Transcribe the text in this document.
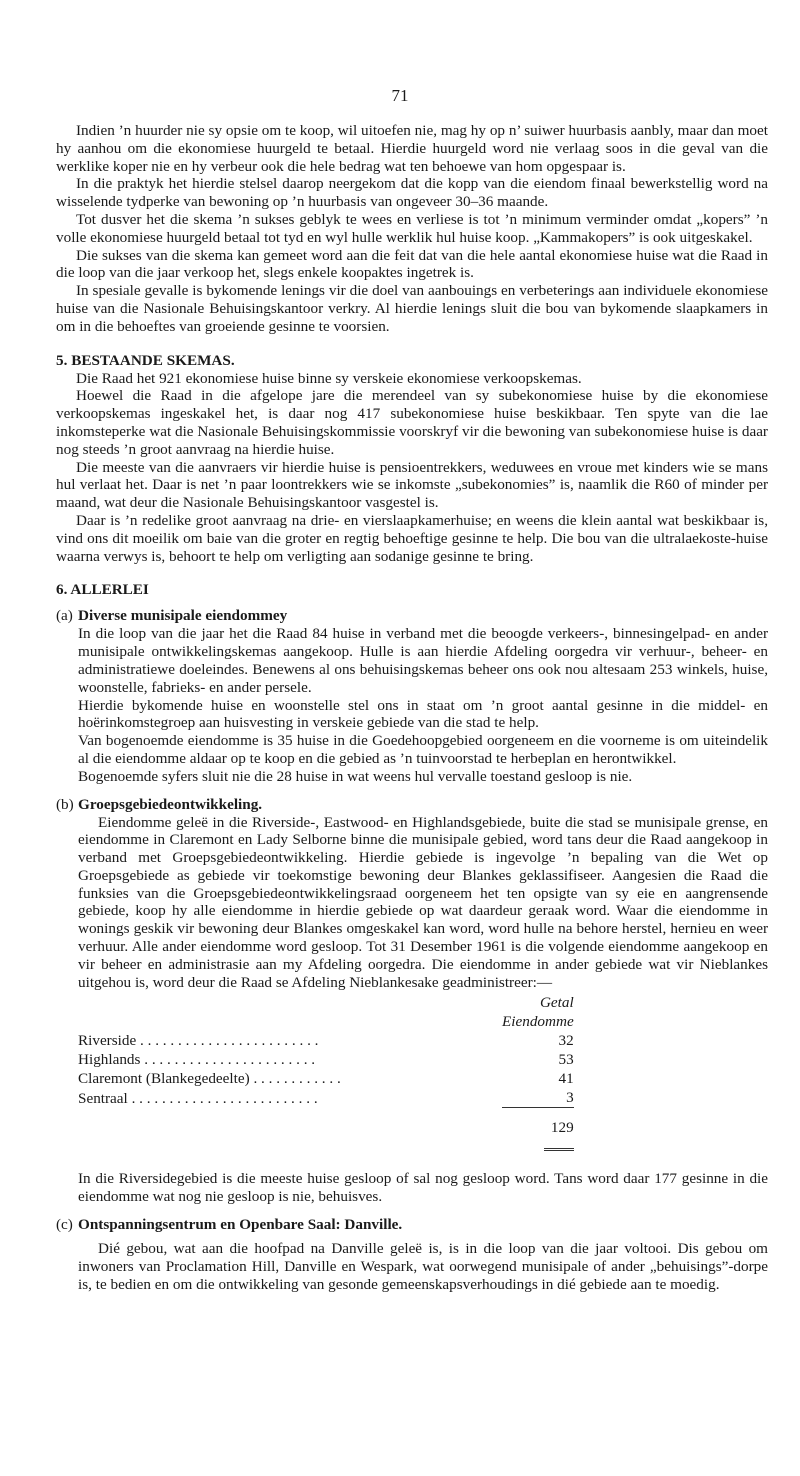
71

Indien ’n huurder nie sy opsie om te koop, wil uitoefen nie, mag hy op n’ suiwer huurbasis aanbly, maar dan moet hy aanhou om die ekonomiese huurgeld te betaal. Hierdie huurgeld word nie verlaag soos in die geval van die werklike koper nie en hy verbeur ook die hele bedrag wat ten behoewe van hom opgespaar is.

In die praktyk het hierdie stelsel daarop neergekom dat die kopp van die eiendom finaal bewerkstellig word na wisselende tydperke van bewoning op ’n huurbasis van ongeveer 30–36 maande.

Tot dusver het die skema ’n sukses geblyk te wees en verliese is tot ’n minimum verminder omdat „kopers” ’n volle ekonomiese huurgeld betaal tot tyd en wyl hulle werklik hul huise koop. „Kammakopers” is ook uitgeskakel.

Die sukses van die skema kan gemeet word aan die feit dat van die hele aantal ekonomiese huise wat die Raad in die loop van die jaar verkoop het, slegs enkele koopaktes ingetrek is.

In spesiale gevalle is bykomende lenings vir die doel van aanbouings en verbeterings aan individuele ekonomiese huise van die Nasionale Behuisingskantoor verkry. Al hierdie lenings sluit die bou van bykomende slaapkamers in om in die behoeftes van groeiende gesinne te voorsien.

5. BESTAANDE SKEMAS.

Die Raad het 921 ekonomiese huise binne sy verskeie ekonomiese verkoopskemas.

Hoewel die Raad in die afgelope jare die merendeel van sy subekonomiese huise by die ekonomiese verkoopskemas ingeskakel het, is daar nog 417 subekonomiese huise beskikbaar. Ten spyte van die lae inkomsteperke wat die Nasionale Behuisingskommissie voorskryf vir die bewoning van subekonomiese huise is daar nog steeds ’n groot aanvraag na hierdie huise.

Die meeste van die aanvraers vir hierdie huise is pensioentrekkers, weduwees en vroue met kinders wie se mans hul verlaat het. Daar is net ’n paar loontrekkers wie se inkomste „subekonomies” is, naamlik die R60 of minder per maand, wat deur die Nasionale Behuisingskantoor vasgestel is.

Daar is ’n redelike groot aanvraag na drie- en vierslaapkamerhuise; en weens die klein aantal wat beskikbaar is, vind ons dit moeilik om baie van die groter en regtig behoeftige gesinne te help. Die bou van die ultralaekoste-huise waarna verwys is, behoort te help om verligting aan sodanige gesinne te bring.

6. ALLERLEI
(a) Diverse munisipale eiendommey

In die loop van die jaar het die Raad 84 huise in verband met die beoogde verkeers-, binnesingelpad- en ander munisipale ontwikkelingskemas aangekoop. Hulle is aan hierdie Afdeling oorgedra vir verhuur-, beheer- en administratiewe doeleindes. Benewens al ons behuisingskemas beheer ons ook nou altesaam 253 winkels, huise, woonstelle, fabrieks- en ander persele.

Hierdie bykomende huise en woonstelle stel ons in staat om ’n groot aantal gesinne in die middel- en hoërinkomstegroep aan huisvesting in verskeie gebiede van die stad te help.

Van bogenoemde eiendomme is 35 huise in die Goedehoopgebied oorgeneem en die voorneme is om uiteindelik al die eiendomme aldaar op te koop en die gebied as ’n tuinvoorstad te herbeplan en herontwikkel.

Bogenoemde syfers sluit nie die 28 huise in wat weens hul vervalle toestand gesloop is nie.

(b) Groepsgebiedeontwikkeling.

Eiendomme geleë in die Riverside-, Eastwood- en Highlandsgebiede, buite die stad se munisipale grense, en eiendomme in Claremont en Lady Selborne binne die munisipale gebied, word tans deur die Raad aangekoop in verband met Groepsgebiedeontwikkeling. Hierdie gebiede is ingevolge ’n bepaling van die Wet op Groepsgebiede as gebiede vir toekomstige bewoning deur Blankes geklassifiseer. Aangesien die Raad die funksies van die Groepsgebiedeontwikkelingsraad oorgeneem het ten opsigte van sy eie en aangrensende gebiede, koop hy alle eiendomme in hierdie gebiede op wat daardeur geraak word. Waar die eiendomme in wonings geskik vir bewoning deur Blankes omgeskakel kan word, word hulle na behore herstel, hernieu en weer verhuur. Alle ander eiendomme word gesloop. Tot 31 Desember 1961 is die volgende eiendomme aangekoop en vir beheer en administrasie aan my Afdeling oorgedra. Die eiendomme in ander gebiede wat vir Nieblankes uitgehou is, word deur die Raad se Afdeling Nieblankesake geadministreer:—

	Getal
	Eiendomme
Riverside . . . . . . . . . . . . . . . . . . . . . . . .	32
Highlands . . . . . . . . . . . . . . . . . . . . . . .	53
Claremont (Blankegedeelte) . . . . . . . . . . . .	41
Sentraal . . . . . . . . . . . . . . . . . . . . . . . . .	3
	129

In die Riversidegebied is die meeste huise gesloop of sal nog gesloop word. Tans word daar 177 gesinne in die eiendomme wat nog nie gesloop is nie, behuisves.

(c) Ontspanningsentrum en Openbare Saal: Danville.

Dié gebou, wat aan die hoofpad na Danville geleë is, is in die loop van die jaar voltooi. Dis gebou om inwoners van Proclamation Hill, Danville en Wespark, wat oorwegend munisipale of ander „behuisings”-dorpe is, te bedien en om die ontwikkeling van gesonde gemeenskapsverhoudings in dié gebiede aan te moedig.
